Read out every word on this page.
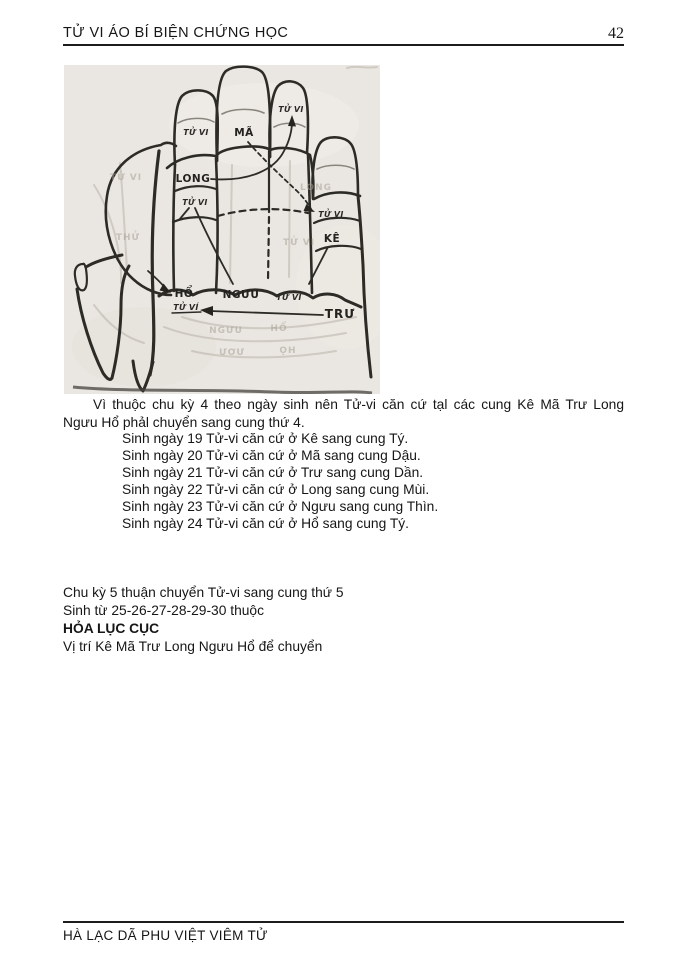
TỬ VI ÁO BÍ BIỆN CHỨNG HỌC	42
TỬ VI MÃ
TỬ VI
LONG
TỬ VI
TỬ VI
KÊ
HỔ
TỬ VÍ
NGƯU TỬ VI
TRƯ
LONG
TỬ VI
TỬ VI
THỬ
NGƯU	HỔ
ƯƠƯ	ỌH
Vì thuộc chu kỳ 4 theo ngày sinh nên Tử-vi căn cứ tạl các cung Kê Mã Trư Long
Ngưu Hổ phảl chuyển sang cung thứ 4.
Sinh ngày 19 Tử-vi căn cứ ở Kê sang cung Tý.
Sinh ngày 20 Tử-vi căn cứ ở Mã sang cung Dậu.
Sinh ngày 21 Tử-vi căn cứ ở Trư sang cung Dần.
Sinh ngày 22 Tử-vi căn cứ ở Long sang cung Mùi.
Sinh ngày 23 Tử-vi căn cứ ở Ngưu sang cung Thìn.
Sinh ngày 24 Tử-vi căn cứ ở Hổ sang cung Tý.
Chu kỳ 5 thuận chuyển Tử-vi sang cung thứ 5
Sinh từ 25-26-27-28-29-30 thuộc
HỎA LỤC CỤC
Vị trí Kê Mã Trư Long Ngưu Hổ để chuyển
HÀ LẠC DÃ PHU VIỆT VIÊM TỬ
